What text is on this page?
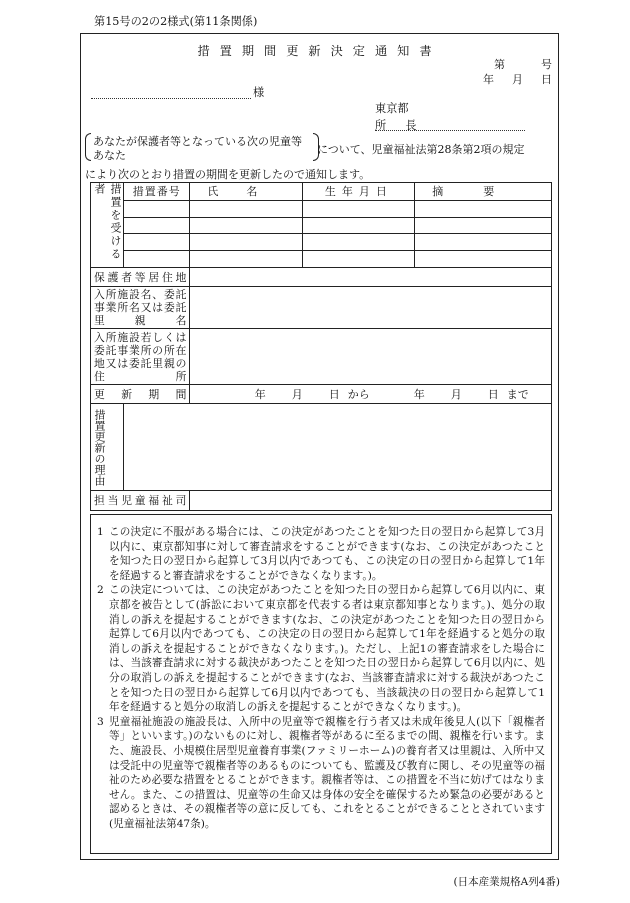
第15号の2の2様式(第11条関係)
措置期間更新決定通知書
第	号
年 月 日
様
東京都
所　長
あなたが保護者等となっている次の児童等
あなた	について、児童福祉法第28条第2項の規定
により次のとおり措置の期間を更新したので通知します。
措置を受ける者	措置番号	氏名	生年月日	摘要

保護者等居住地				
入所施設名、委託事業所名又は委託里親名				
入所施設若しくは委託事業所の所在地又は委託里親の住所				
更新期間		年 月 日 から 年 月 日 まで		

措置更新の理由				

担当児童福祉司				

1 この決定に不服がある場合には、この決定があつたことを知つた日の翌日から起算して3月以内に、東京都知事に対して審査請求をすることができます(なお、この決定があつたことを知つた日の翌日から起算して3月以内であつても、この決定の日の翌日から起算して1年を経過すると審査請求をすることができなくなります。)。

2 この決定については、この決定があつたことを知つた日の翌日から起算して6月以内に、東京都を被告として(訴訟において東京都を代表する者は東京都知事となります。)、処分の取消しの訴えを提起することができます(なお、この決定があつたことを知つた日の翌日から起算して6月以内であつても、この決定の日の翌日から起算して1年を経過すると処分の取消しの訴えを提起することができなくなります。)。ただし、上記1の審査請求をした場合には、当該審査請求に対する裁決があつたことを知つた日の翌日から起算して6月以内に、処分の取消しの訴えを提起することができます(なお、当該審査請求に対する裁決があつたことを知つた日の翌日から起算して6月以内であつても、当該裁決の日の翌日から起算して1年を経過すると処分の取消しの訴えを提起することができなくなります。)。

3 児童福祉施設の施設長は、入所中の児童等で親権を行う者又は未成年後見人(以下「親権者等」といいます。)のないものに対し、親権者等があるに至るまでの間、親権を行います。また、施設長、小規模住居型児童養育事業(ファミリーホーム)の養育者又は里親は、入所中又は受託中の児童等で親権者等のあるものについても、監護及び教育に関し、その児童等の福祉のため必要な措置をとることができます。親権者等は、この措置を不当に妨げてはなりません。また、この措置は、児童等の生命又は身体の安全を確保するため緊急の必要があると認めるときは、その親権者等の意に反しても、これをとることができることとされています(児童福祉法第47条)。

(日本産業規格A列4番)
